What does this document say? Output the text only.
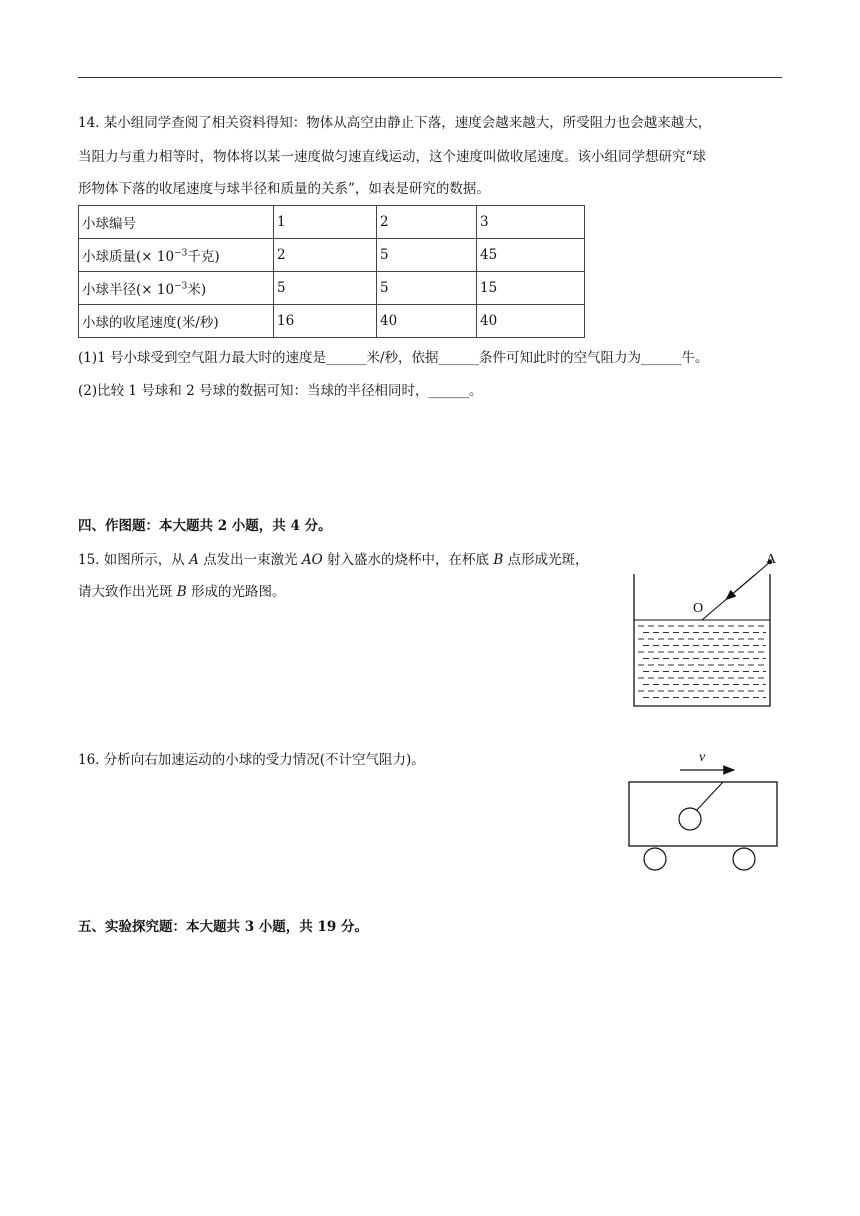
14. 某小组同学查阅了相关资料得知：物体从高空由静止下落，速度会越来越大，所受阻力也会越来越大，
当阻力与重力相等时，物体将以某一速度做匀速直线运动，这个速度叫做收尾速度。该小组同学想研究“球
形物体下落的收尾速度与球半径和质量的关系”，如表是研究的数据。
小球编号	1	2	3
小球质量(× $10^{-3}$千克)	2	5	45
小球半径(× $10^{-3}$米)	5	5	15
小球的收尾速度(米/秒)	16	40	40
(1)1 号小球受到空气阻力最大时的速度是______米/秒，依据______条件可知此时的空气阻力为______牛。
(2)比较 1 号球和 2 号球的数据可知：当球的半径相同时，______。
四、作图题：本大题共 2 小题，共 4 分。
15. 如图所示，从 A 点发出一束激光 AO 射入盛水的烧杯中，在杯底 B 点形成光斑，
请大致作出光斑 B 形成的光路图。
A
O
16. 分析向右加速运动的小球的受力情况(不计空气阻力)。	v
五、实验探究题：本大题共 3 小题，共 19 分。
